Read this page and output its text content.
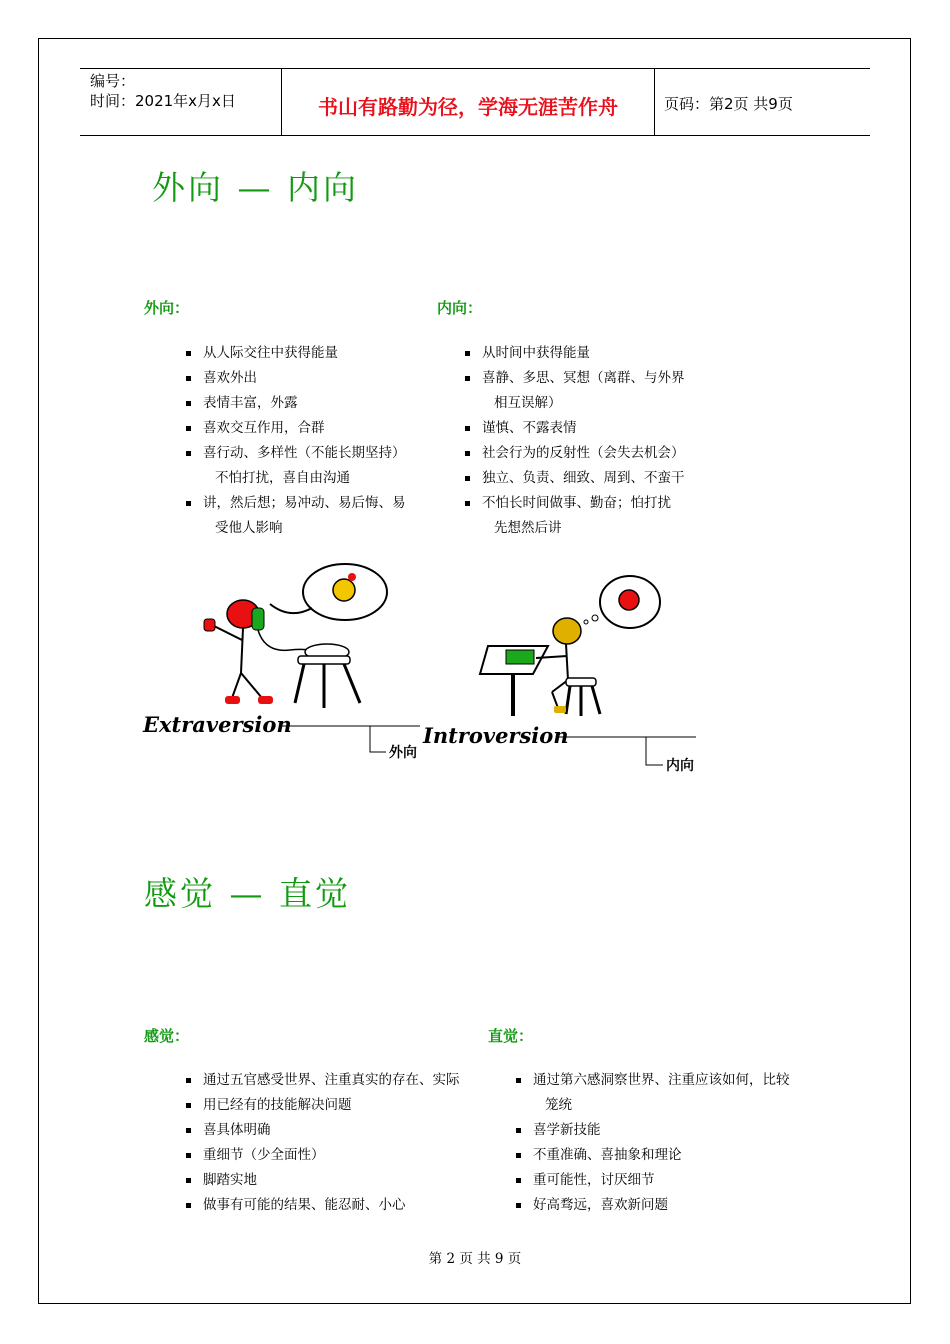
编号：
时间：2021年x月x日	书山有路勤为径，学海无涯苦作舟	页码：第2页 共9页
外向 — 内向
外向：	内向：
从人际交往中获得能量
喜欢外出
表情丰富，外露
喜欢交互作用，合群
喜行动、多样性（不能长期坚持）
不怕打扰，喜自由沟通
讲，然后想；易冲动、易后悔、易
受他人影响
从时间中获得能量
喜静、多思、冥想（离群、与外界
相互误解）
谨慎、不露表情
社会行为的反射性（会失去机会）
独立、负责、细致、周到、不蛮干
不怕长时间做事、勤奋；怕打扰
先想然后讲
Extraversion
外向
Introversion
内向
感觉 — 直觉
感觉：	直觉：
通过五官感受世界、注重真实的存在、实际
用已经有的技能解决问题
喜具体明确
重细节（少全面性）
脚踏实地
做事有可能的结果、能忍耐、小心
通过第六感洞察世界、注重应该如何，比较
笼统
喜学新技能
不重准确、喜抽象和理论
重可能性，讨厌细节
好高骛远，喜欢新问题
第 2 页 共 9 页
